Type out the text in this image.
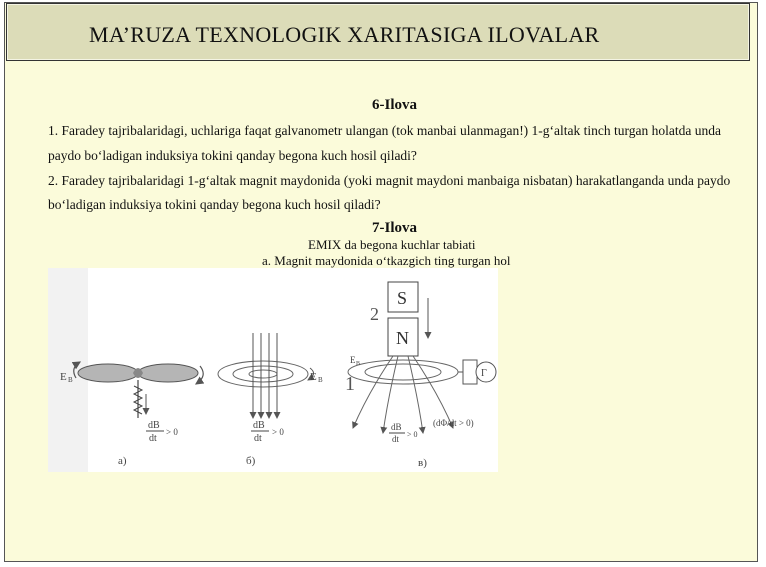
MA’RUZA TEXNOLOGIK XARITASIGA ILOVALAR
6-Ilova
1. Faradey tajribalaridagi, uchlariga faqat galvanometr ulangan (tok manbai ulanmagan!) 1-g‘altak tinch turgan holatda unda
paydo bo‘ladigan induksiya tokini qanday begona kuch hosil qiladi?
2. Faradey tajribalaridagi 1-g‘altak magnit maydonida (yoki magnit maydoni manbaiga nisbatan) harakatlanganda unda paydo
bo‘ladigan induksiya tokini qanday begona kuch hosil qiladi?
7-Ilova
EMIX da begona kuchlar tabiati
a. Magnit maydonida o‘tkazgich ting turgan hol
E B
dB
dt
> 0
а)
E B
dB
dt
> 0
б)
S
N
2
Г
1
E B
dB
dt > 0
(dΦ/dt > 0)
в)
